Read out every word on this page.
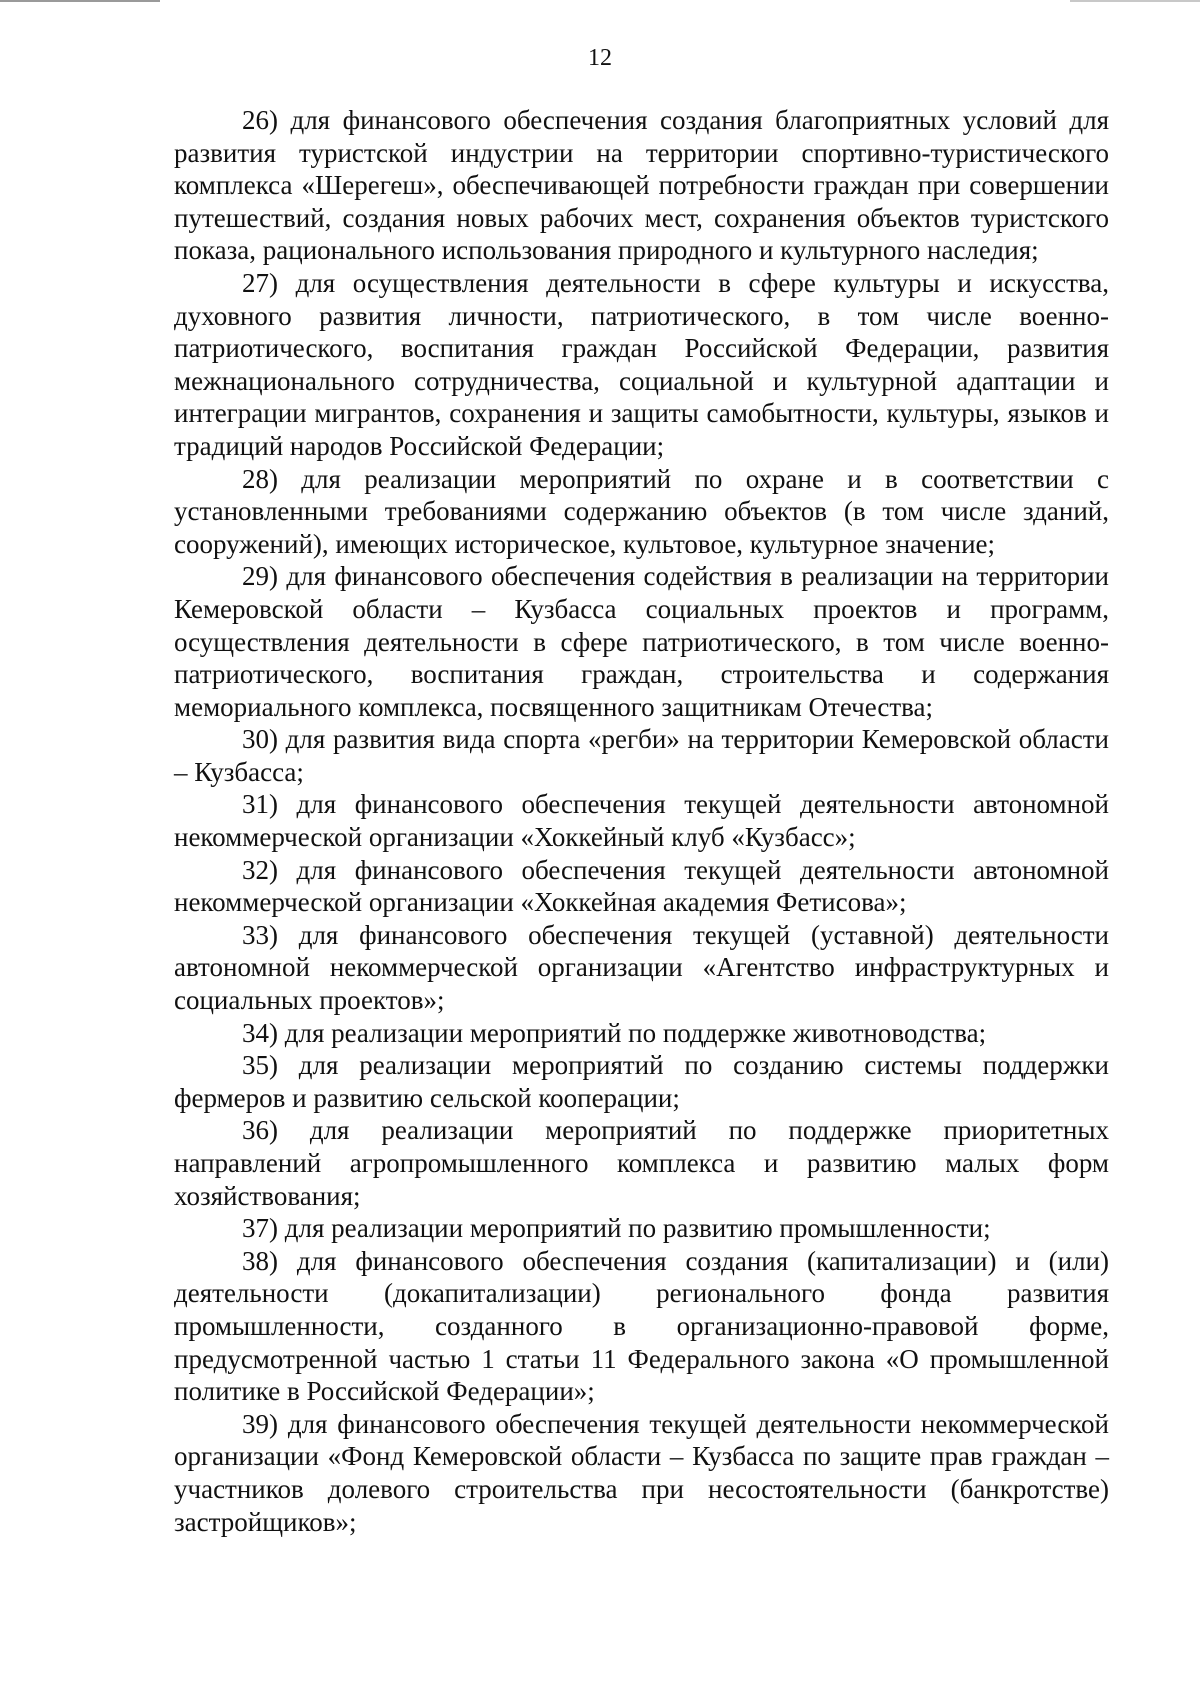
12

26) для финансового обеспечения создания благоприятных условий для развития туристской индустрии на территории спортивно-туристического комплекса «Шерегеш», обеспечивающей потребности граждан при совершении путешествий, создания новых рабочих мест, сохранения объектов туристского показа, рационального использования природного и культурного наследия;

27) для осуществления деятельности в сфере культуры и искусства, духовного развития личности, патриотического, в том числе военно-патриотического, воспитания граждан Российской Федерации, развития межнационального сотрудничества, социальной и культурной адаптации и интеграции мигрантов, сохранения и защиты самобытности, культуры, языков и традиций народов Российской Федерации;

28) для реализации мероприятий по охране и в соответствии с установленными требованиями содержанию объектов (в том числе зданий, сооружений), имеющих историческое, культовое, культурное значение;

29) для финансового обеспечения содействия в реализации на территории Кемеровской области – Кузбасса социальных проектов и программ, осуществления деятельности в сфере патриотического, в том числе военно-патриотического, воспитания граждан, строительства и содержания мемориального комплекса, посвященного защитникам Отечества;

30) для развития вида спорта «регби» на территории Кемеровской области – Кузбасса;

31) для финансового обеспечения текущей деятельности автономной некоммерческой организации «Хоккейный клуб «Кузбасс»;

32) для финансового обеспечения текущей деятельности автономной некоммерческой организации «Хоккейная академия Фетисова»;

33) для финансового обеспечения текущей (уставной) деятельности автономной некоммерческой организации «Агентство инфраструктурных и социальных проектов»;

34) для реализации мероприятий по поддержке животноводства;

35) для реализации мероприятий по созданию системы поддержки фермеров и развитию сельской кооперации;

36) для реализации мероприятий по поддержке приоритетных направлений агропромышленного комплекса и развитию малых форм хозяйствования;

37) для реализации мероприятий по развитию промышленности;

38) для финансового обеспечения создания (капитализации) и (или) деятельности (докапитализации) регионального фонда развития промышленности, созданного в организационно-правовой форме, предусмотренной частью 1 статьи 11 Федерального закона «О промышленной политике в Российской Федерации»;

39) для финансового обеспечения текущей деятельности некоммерческой организации «Фонд Кемеровской области – Кузбасса по защите прав граждан – участников долевого строительства при несостоятельности (банкротстве) застройщиков»;
